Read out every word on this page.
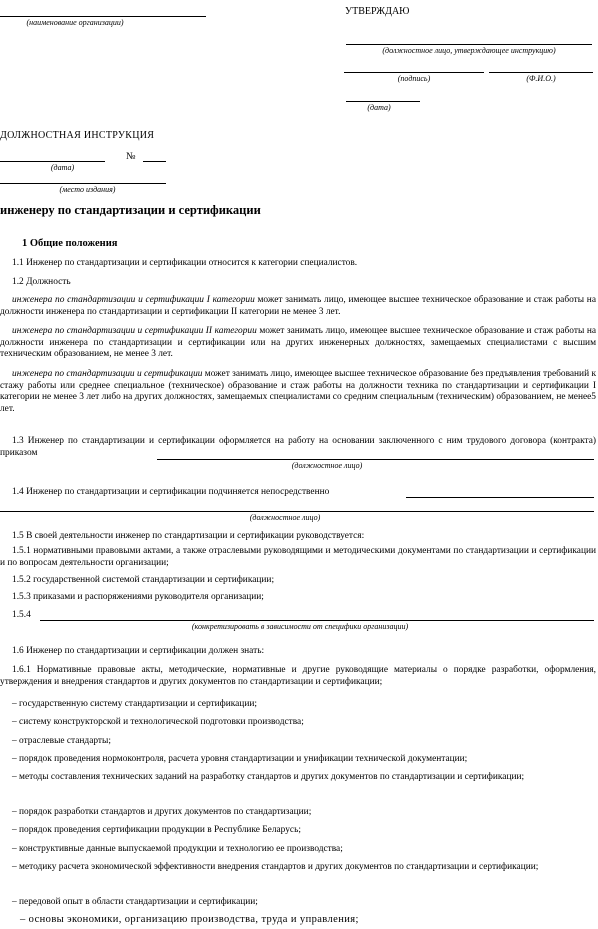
(наименование организации)
УТВЕРЖДАЮ
(должностное лицо, утверждающее инструкцию)
(подпись)	(Ф.И.О.)
(дата)
ДОЛЖНОСТНАЯ ИНСТРУКЦИЯ
№
(дата)
(место издания)
инженеру по стандартизации и сертификации
1 Общие положения
1.1 Инженер по стандартизации и сертификации относится к категории специалистов.
1.2 Должность
инженера по стандартизации и сертификации I категории может занимать лицо, имеющее высшее техническое образование и стаж работы на должности инженера по стандартизации и сертификации II категории не менее 3 лет.
инженера по стандартизации и сертификации II категории может занимать лицо, имеющее высшее техническое образование и стаж работы на должности инженера по стандартизации и сертификации или на других инженерных должностях, замещаемых специалистами с высшим техническим образованием, не менее 3 лет.
инженера по стандартизации и сертификации может занимать лицо, имеющее высшее техническое образование без предъявления требований к стажу работы или среднее специальное (техническое) образование и стаж работы на должности техника по стандартизации и сертификации I категории не менее 3 лет либо на других должностях, замещаемых специалистами со средним специальным (техническим) образованием, не менее5 лет.
1.3 Инженер по стандартизации и сертификации оформляется на работу на основании заключенного с ним трудового договора (контракта) приказом
(должностное лицо)
1.4 Инженер по стандартизации и сертификации подчиняется непосредственно
(должностное лицо)
1.5 В своей деятельности инженер по стандартизации и сертификации руководствуется:
1.5.1 нормативными правовыми актами, а также отраслевыми руководящими и методическими документами по стандартизации и сертификации и по вопросам деятельности организации;
1.5.2 государственной системой стандартизации и сертификации;
1.5.3 приказами и распоряжениями руководителя организации;
1.5.4
(конкретизировать в зависимости от специфики организации)
1.6 Инженер по стандартизации и сертификации должен знать:
1.6.1 Нормативные правовые акты, методические, нормативные и другие руководящие материалы о порядке разработки, оформления, утверждения и внедрения стандартов и других документов по стандартизации и сертификации;
– государственную систему стандартизации и сертификации;
– систему конструкторской и технологической подготовки производства;
– отраслевые стандарты;
– порядок проведения нормоконтроля, расчета уровня стандартизации и унификации технической документации;
– методы составления технических заданий на разработку стандартов и других документов по стандартизации и сертификации;
– порядок разработки стандартов и других документов по стандартизации;
– порядок проведения сертификации продукции в Республике Беларусь;
– конструктивные данные выпускаемой продукции и технологию ее производства;
– методику расчета экономической эффективности внедрения стандартов и других документов по стандартизации и сертификации;
– передовой опыт в области стандартизации и сертификации;
– основы экономики, организацию производства, труда и управления;
